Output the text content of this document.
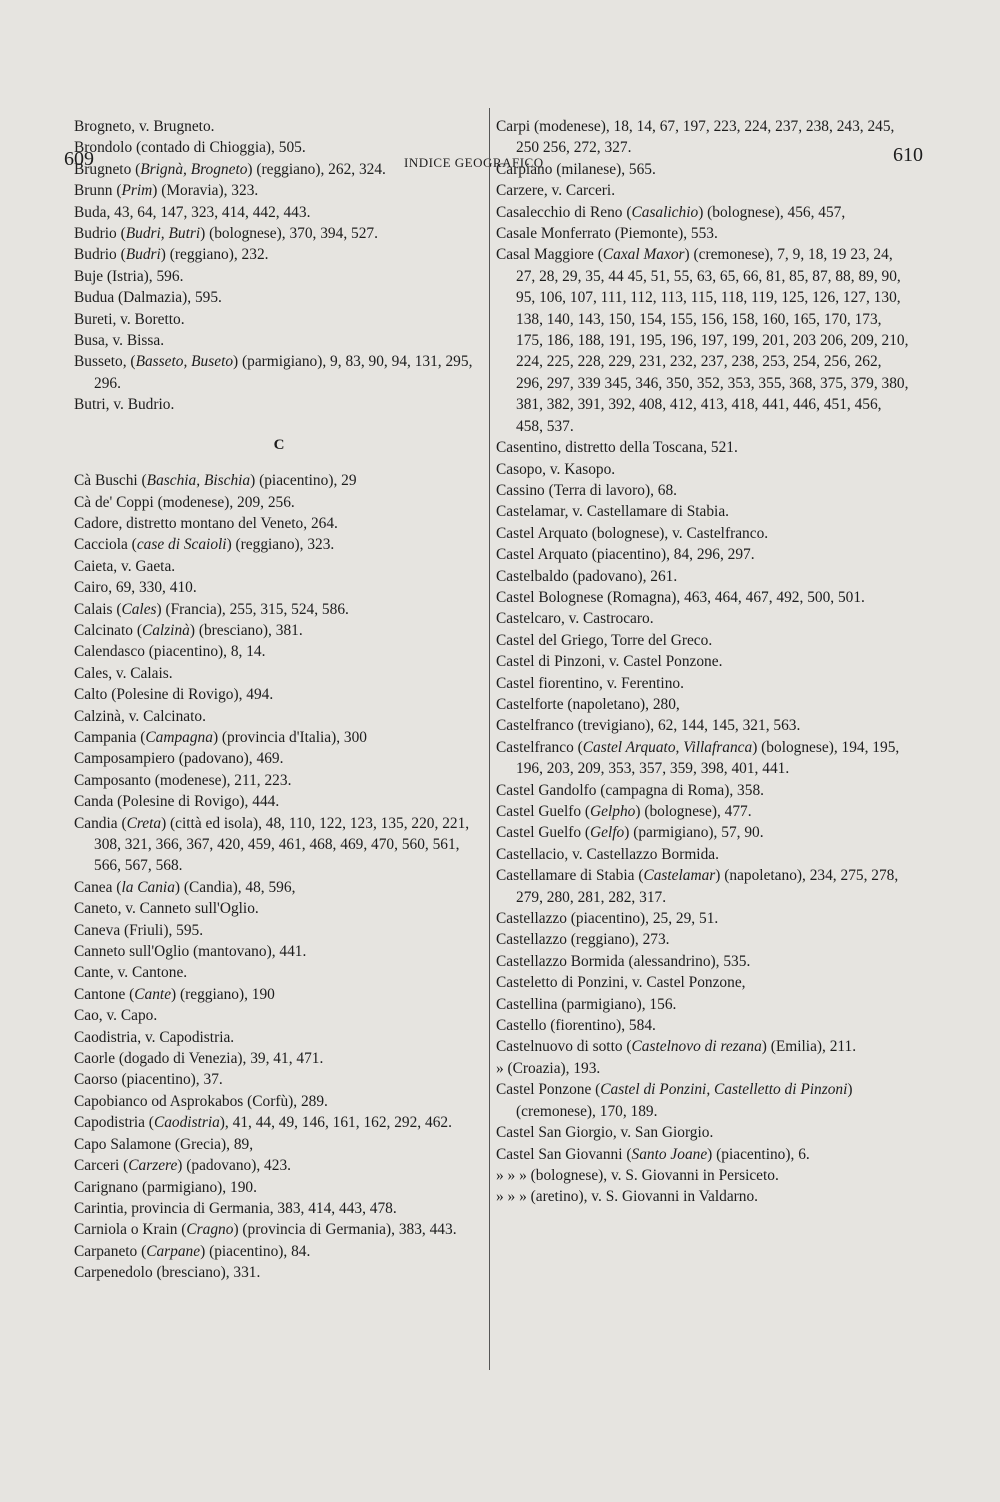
609	INDICE GEOGRAFICO	610
Brogneto, v. Brugneto.
Brondolo (contado di Chioggia), 505.
Brugneto (Brignà, Brogneto) (reggiano), 262, 324.
Brunn (Prim) (Moravia), 323.
Buda, 43, 64, 147, 323, 414, 442, 443.
Budrio (Budri, Butri) (bolognese), 370, 394, 527.
Budrio (Budri) (reggiano), 232.
Buje (Istria), 596.
Budua (Dalmazia), 595.
Bureti, v. Boretto.
Busa, v. Bissa.
Busseto, (Basseto, Buseto) (parmigiano), 9, 83, 90, 94, 131, 295, 296.
Butri, v. Budrio.
C
Cà Buschi (Baschia, Bischia) (piacentino), 29
Cà de' Coppi (modenese), 209, 256.
Cadore, distretto montano del Veneto, 264.
Cacciola (case di Scaioli) (reggiano), 323.
Caieta, v. Gaeta.
Cairo, 69, 330, 410.
Calais (Cales) (Francia), 255, 315, 524, 586.
Calcinato (Calzinà) (bresciano), 381.
Calendasco (piacentino), 8, 14.
Cales, v. Calais.
Calto (Polesine di Rovigo), 494.
Calzinà, v. Calcinato.
Campania (Campagna) (provincia d'Italia), 300
Camposampiero (padovano), 469.
Camposanto (modenese), 211, 223.
Canda (Polesine di Rovigo), 444.
Candia (Creta) (città ed isola), 48, 110, 122, 123, 135, 220, 221, 308, 321, 366, 367, 420, 459, 461, 468, 469, 470, 560, 561, 566, 567, 568.
Canea (la Cania) (Candia), 48, 596,
Caneto, v. Canneto sull'Oglio.
Caneva (Friuli), 595.
Canneto sull'Oglio (mantovano), 441.
Cante, v. Cantone.
Cantone (Cante) (reggiano), 190
Cao, v. Capo.
Caodistria, v. Capodistria.
Caorle (dogado di Venezia), 39, 41, 471.
Caorso (piacentino), 37.
Capobianco od Asprokabos (Corfù), 289.
Capodistria (Caodistria), 41, 44, 49, 146, 161, 162, 292, 462.
Capo Salamone (Grecia), 89,
Carceri (Carzere) (padovano), 423.
Carignano (parmigiano), 190.
Carintia, provincia di Germania, 383, 414, 443, 478.
Carniola o Krain (Cragno) (provincia di Germania), 383, 443.
Carpaneto (Carpane) (piacentino), 84.
Carpenedolo (bresciano), 331.
Carpi (modenese), 18, 14, 67, 197, 223, 224, 237, 238, 243, 245, 250 256, 272, 327.
Carpiano (milanese), 565.
Carzere, v. Carceri.
Casalecchio di Reno (Casalichio) (bolognese), 456, 457,
Casale Monferrato (Piemonte), 553.
Casal Maggiore (Caxal Maxor) (cremonese), 7, 9, 18, 19 23, 24, 27, 28, 29, 35, 44 45, 51, 55, 63, 65, 66, 81, 85, 87, 88, 89, 90, 95, 106, 107, 111, 112, 113, 115, 118, 119, 125, 126, 127, 130, 138, 140, 143, 150, 154, 155, 156, 158, 160, 165, 170, 173, 175, 186, 188, 191, 195, 196, 197, 199, 201, 203 206, 209, 210, 224, 225, 228, 229, 231, 232, 237, 238, 253, 254, 256, 262, 296, 297, 339 345, 346, 350, 352, 353, 355, 368, 375, 379, 380, 381, 382, 391, 392, 408, 412, 413, 418, 441, 446, 451, 456, 458, 537.
Casentino, distretto della Toscana, 521.
Casopo, v. Kasopo.
Cassino (Terra di lavoro), 68.
Castelamar, v. Castellamare di Stabia.
Castel Arquato (bolognese), v. Castelfranco.
Castel Arquato (piacentino), 84, 296, 297.
Castelbaldo (padovano), 261.
Castel Bolognese (Romagna), 463, 464, 467, 492, 500, 501.
Castelcaro, v. Castrocaro.
Castel del Griego, Torre del Greco.
Castel di Pinzoni, v. Castel Ponzone.
Castel fiorentino, v. Ferentino.
Castelforte (napoletano), 280,
Castelfranco (trevigiano), 62, 144, 145, 321, 563.
Castelfranco (Castel Arquato, Villafranca) (bolognese), 194, 195, 196, 203, 209, 353, 357, 359, 398, 401, 441.
Castel Gandolfo (campagna di Roma), 358.
Castel Guelfo (Gelpho) (bolognese), 477.
Castel Guelfo (Gelfo) (parmigiano), 57, 90.
Castellacio, v. Castellazzo Bormida.
Castellamare di Stabia (Castelamar) (napoletano), 234, 275, 278, 279, 280, 281, 282, 317.
Castellazzo (piacentino), 25, 29, 51.
Castellazzo (reggiano), 273.
Castellazzo Bormida (alessandrino), 535.
Casteletto di Ponzini, v. Castel Ponzone,
Castellina (parmigiano), 156.
Castello (fiorentino), 584.
Castelnuovo di sotto (Castelnovo di rezana) (Emilia), 211.
» (Croazia), 193.
Castel Ponzone (Castel di Ponzini, Castelletto di Pinzoni) (cremonese), 170, 189.
Castel San Giorgio, v. San Giorgio.
Castel San Giovanni (Santo Joane) (piacentino), 6.
» » » (bolognese), v. S. Giovanni in Persiceto.
» » » (aretino), v. S. Giovanni in Valdarno.
